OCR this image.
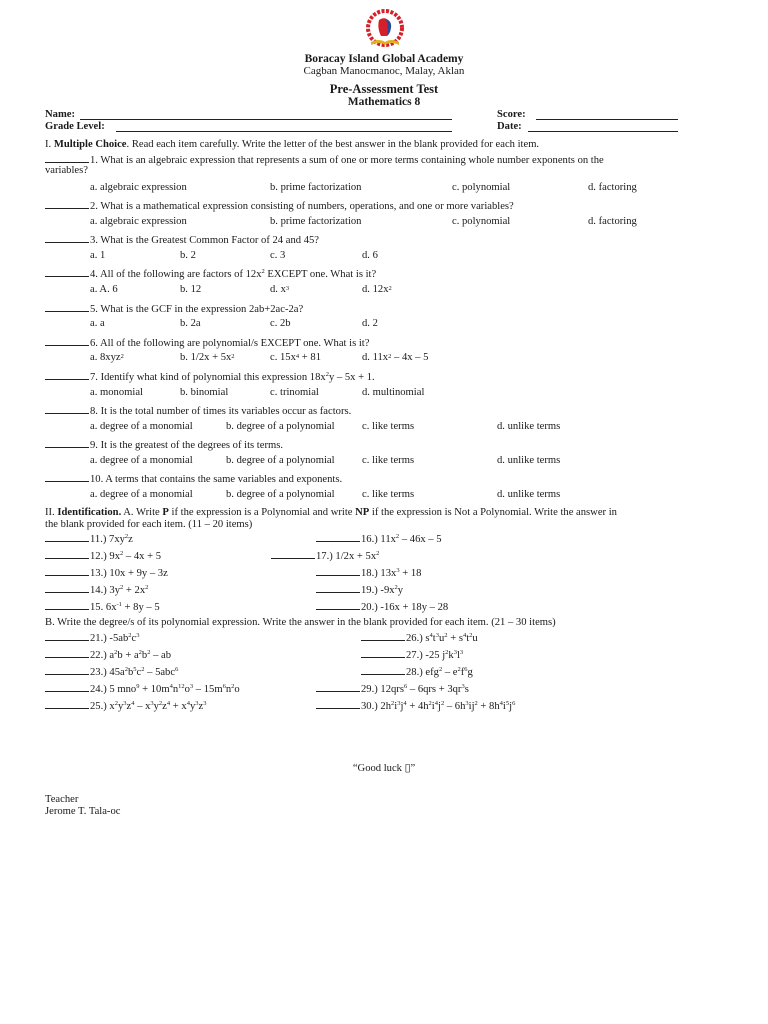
Boracay Island Global Academy
Cagban Manocmanoc, Malay, Aklan
Pre-Assessment Test
Mathematics 8
Name:	Score:
Grade Level:	Date:
I. Multiple Choice. Read each item carefully. Write the letter of the best answer in the blank provided for each item.
1. What is an algebraic expression that represents a sum of one or more terms containing whole number exponents on the
variables?
a. algebraic expression	b. prime factorization	c. polynomial	d. factoring
2. What is a mathematical expression consisting of numbers, operations, and one or more variables?
a. algebraic expression	b. prime factorization	c. polynomial	d. factoring
3. What is the Greatest Common Factor of 24 and 45?
a. 1	b. 2	c. 3	d. 6
4. All of the following are factors of $12x^2$ EXCEPT one. What is it?
a. A. 6	b. 12	d. $x^3$	d. $12x^2$
5. What is the GCF in the expression 2ab+2ac-2a?
a. a	b. 2a	c. 2b	d. 2
6. All of the following are polynomial/s EXCEPT one. What is it?
a. 8xyz$^2$	b. $1/2x + 5x^2$	c. $15x^4 + 81$	d. $11x^2 - 4x - 5$
7. Identify what kind of polynomial this expression $18x^2y - 5x + 1$.
a. monomial	b. binomial	c. trinomial	d. multinomial
8. It is the total number of times its variables occur as factors.
a. degree of a monomial	b. degree of a polynomial	c. like terms	d. unlike terms
9. It is the greatest of the degrees of its terms.
a. degree of a monomial	b. degree of a polynomial	c. like terms	d. unlike terms
10. A terms that contains the same variables and exponents.
a. degree of a monomial	b. degree of a polynomial	c. like terms	d. unlike terms
II. Identification. A. Write P if the expression is a Polynomial and write NP if the expression is Not a Polynomial. Write the answer in
the blank provided for each item. (11 – 20 items)
11.) $7xy^2z$
12.) $9x^2 - 4x + 5$
13.) 10x + 9y – 3z
14.) $3y^2 + 2x^2$
15. $6x^{-1} + 8y - 5$
16.) $11x^2 - 46x - 5$
17.) $1/2x + 5x^2$
18.) $13x^3 + 18$
19.) $-9x^2y$
20.) -16x + 18y – 28
B. Write the degree/s of its polynomial expression. Write the answer in the blank provided for each item. (21 – 30 items)
21.) $-5ab^2c^3$
22.) $a^2b + a^2b^2$ – ab
23.) $45a^2b^5c^2 - 5abc^6$
24.) 5 $mno^9 + 10m^4n^{12}o^3 - 15m^6n^2o$
25.) $x^2y^3z^4 - x^3y^2z^4 + x^4y^3z^3$
26.) $s^4t^3u^2 + s^4t^2u$
27.) -25 $j^2k^3l^3$
28.) $efg^2 - e^2f^6g$
29.) $12qrs^6 - 6qrs + 3qr^3s$
30.) $2h^2i^3j^4 + 4h^2i^4j^2 - 6h^3ij^2 + 8h^4i^5j^6$
“Good luck ▯”
Teacher
Jerome T. Tala-oc
